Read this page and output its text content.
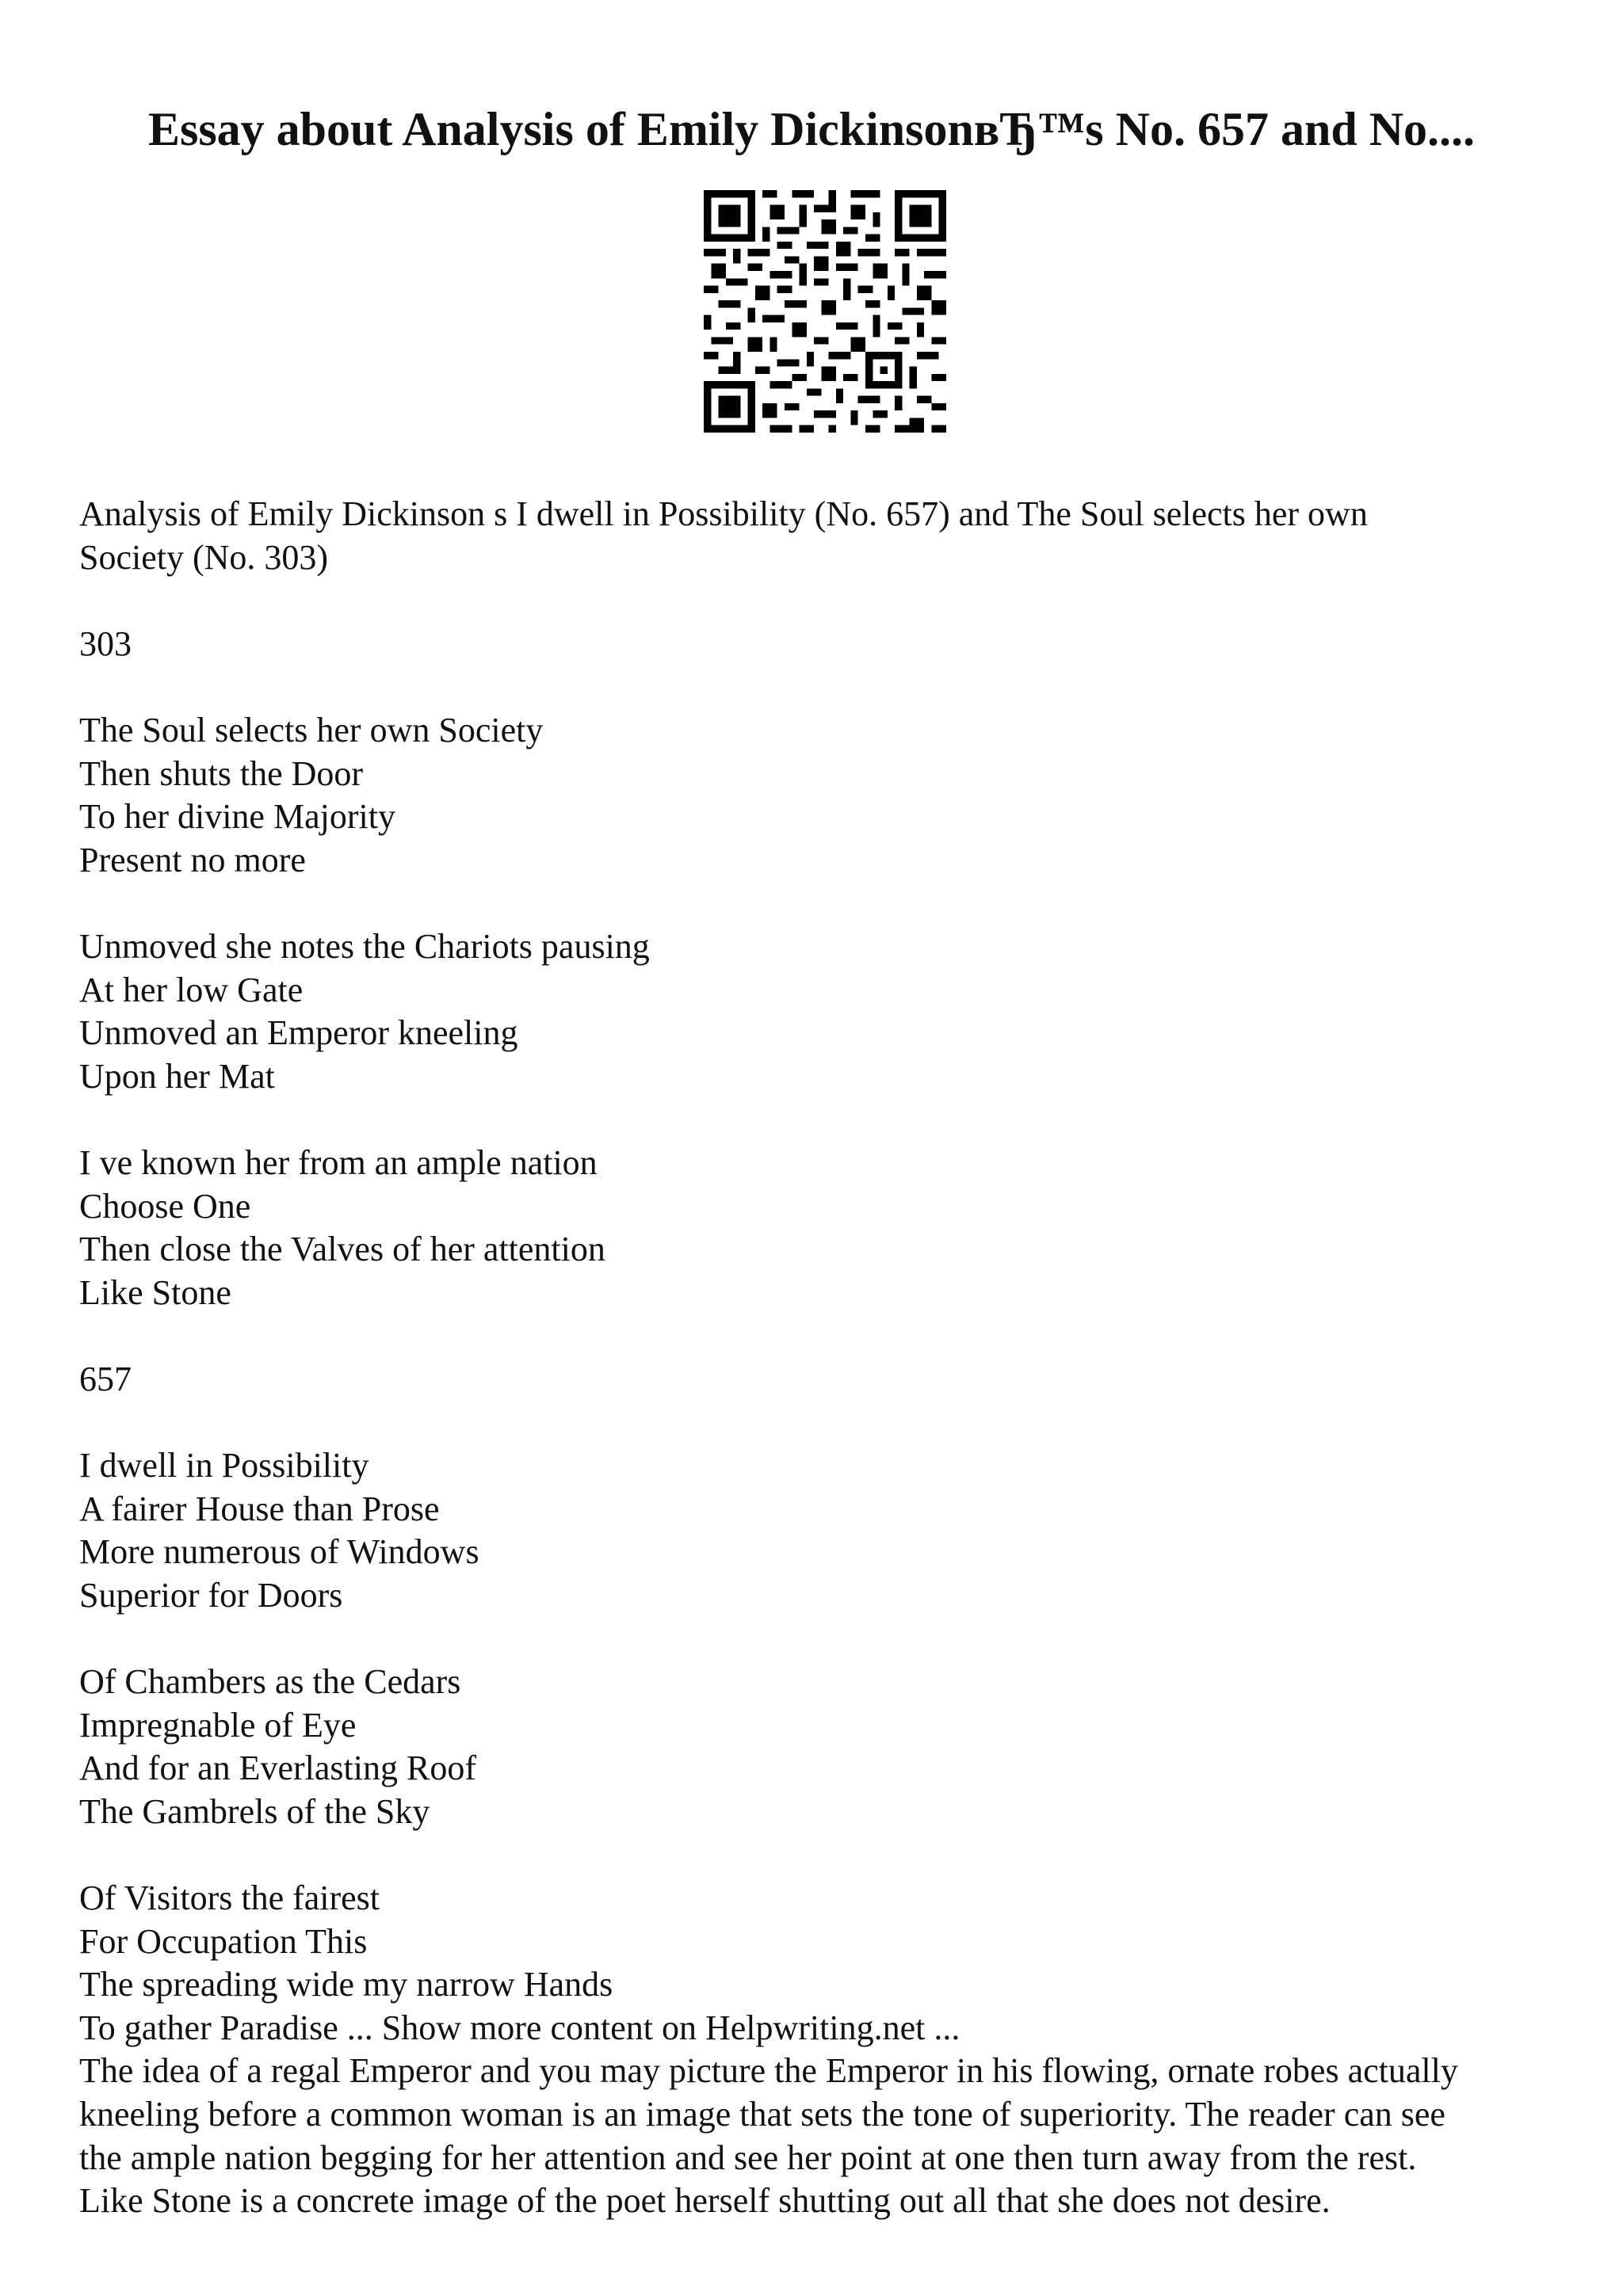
Essay about Analysis of Emily DickinsonвЂ™s No. 657 and No....
Analysis of Emily Dickinson s I dwell in Possibility (No. 657) and The Soul selects her own
Society (No. 303)
303
The Soul selects her own Society
Then shuts the Door
To her divine Majority
Present no more
Unmoved she notes the Chariots pausing
At her low Gate
Unmoved an Emperor kneeling
Upon her Mat
I ve known her from an ample nation
Choose One
Then close the Valves of her attention
Like Stone
657
I dwell in Possibility
A fairer House than Prose
More numerous of Windows
Superior for Doors
Of Chambers as the Cedars
Impregnable of Eye
And for an Everlasting Roof
The Gambrels of the Sky
Of Visitors the fairest
For Occupation This
The spreading wide my narrow Hands
To gather Paradise ... Show more content on Helpwriting.net ...
The idea of a regal Emperor and you may picture the Emperor in his flowing, ornate robes actually
kneeling before a common woman is an image that sets the tone of superiority. The reader can see
the ample nation begging for her attention and see her point at one then turn away from the rest.
Like Stone is a concrete image of the poet herself shutting out all that she does not desire.
